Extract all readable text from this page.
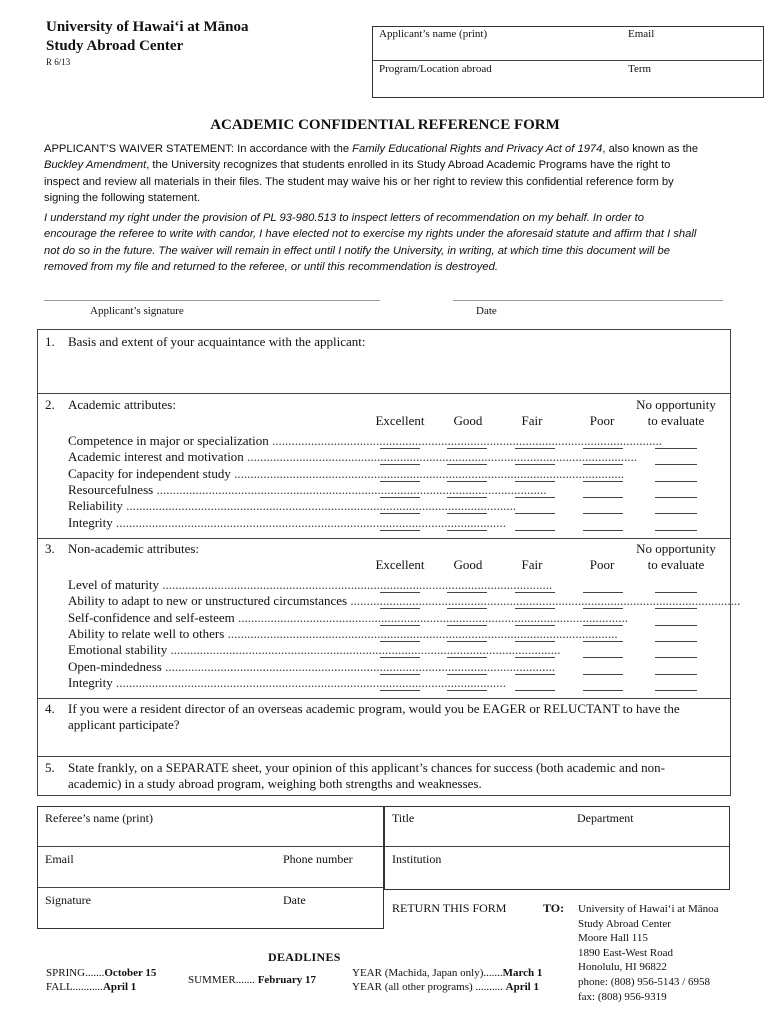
University of Hawaiʻi at Mānoa
Study Abroad Center
R 6/13
Applicant’s name (print)	Email
Program/Location abroad	Term
ACADEMIC CONFIDENTIAL REFERENCE FORM
APPLICANT’S WAIVER STATEMENT: In accordance with the Family Educational Rights and Privacy Act of 1974, also known as the
Buckley Amendment, the University recognizes that students enrolled in its Study Abroad Academic Programs have the right to
inspect and review all materials in their files. The student may waive his or her right to review this confidential reference form by
signing the following statement.
I understand my right under the provision of PL 93-980.513 to inspect letters of recommendation on my behalf. In order to
encourage the referee to write with candor, I have elected not to exercise my rights under the aforesaid statute and affirm that I shall
not do so in the future. The waiver will remain in effect until I notify the University, in writing, at which time this document will be
removed from my file and returned to the referee, or until this recommendation is destroyed.
Applicant’s signature	Date
1. Basis and extent of your acquaintance with the applicant:
2. Academic attributes:
Excellent	Good	Fair	Poor
No opportunity
to evaluate
Competence in major or specialization ........................................................................................................................
Academic interest and motivation ........................................................................................................................
Capacity for independent study ........................................................................................................................
Resourcefulness ........................................................................................................................
Reliability ........................................................................................................................
Integrity ........................................................................................................................
3. Non-academic attributes:
Excellent	Good	Fair	Poor
No opportunity
to evaluate
Level of maturity ........................................................................................................................
Ability to adapt to new or unstructured circumstances ........................................................................................................................
Self-confidence and self-esteem ........................................................................................................................
Ability to relate well to others ........................................................................................................................
Emotional stability ........................................................................................................................
Open-mindedness ........................................................................................................................
Integrity ........................................................................................................................
4. If you were a resident director of an overseas academic program, would you be EAGER or RELUCTANT to have the
applicant participate?
5. State frankly, on a SEPARATE sheet, your opinion of this applicant’s chances for success (both academic and non-
academic) in a study abroad program, weighing both strengths and weaknesses.
Referee’s name (print)	Title	Department
Email	Phone number	Institution
Signature	Date
RETURN THIS FORM	TO: University of Hawaiʻi at Mānoa
Study Abroad Center
Moore Hall 115
1890 East-West Road
Honolulu, HI 96822
phone: (808) 956-5143 / 6958
fax: (808) 956-9319
DEADLINES
SPRING.......October 15
FALL...........April 1
SUMMER....... February 17
YEAR (Machida, Japan only).......March 1
YEAR (all other programs) .......... April 1
